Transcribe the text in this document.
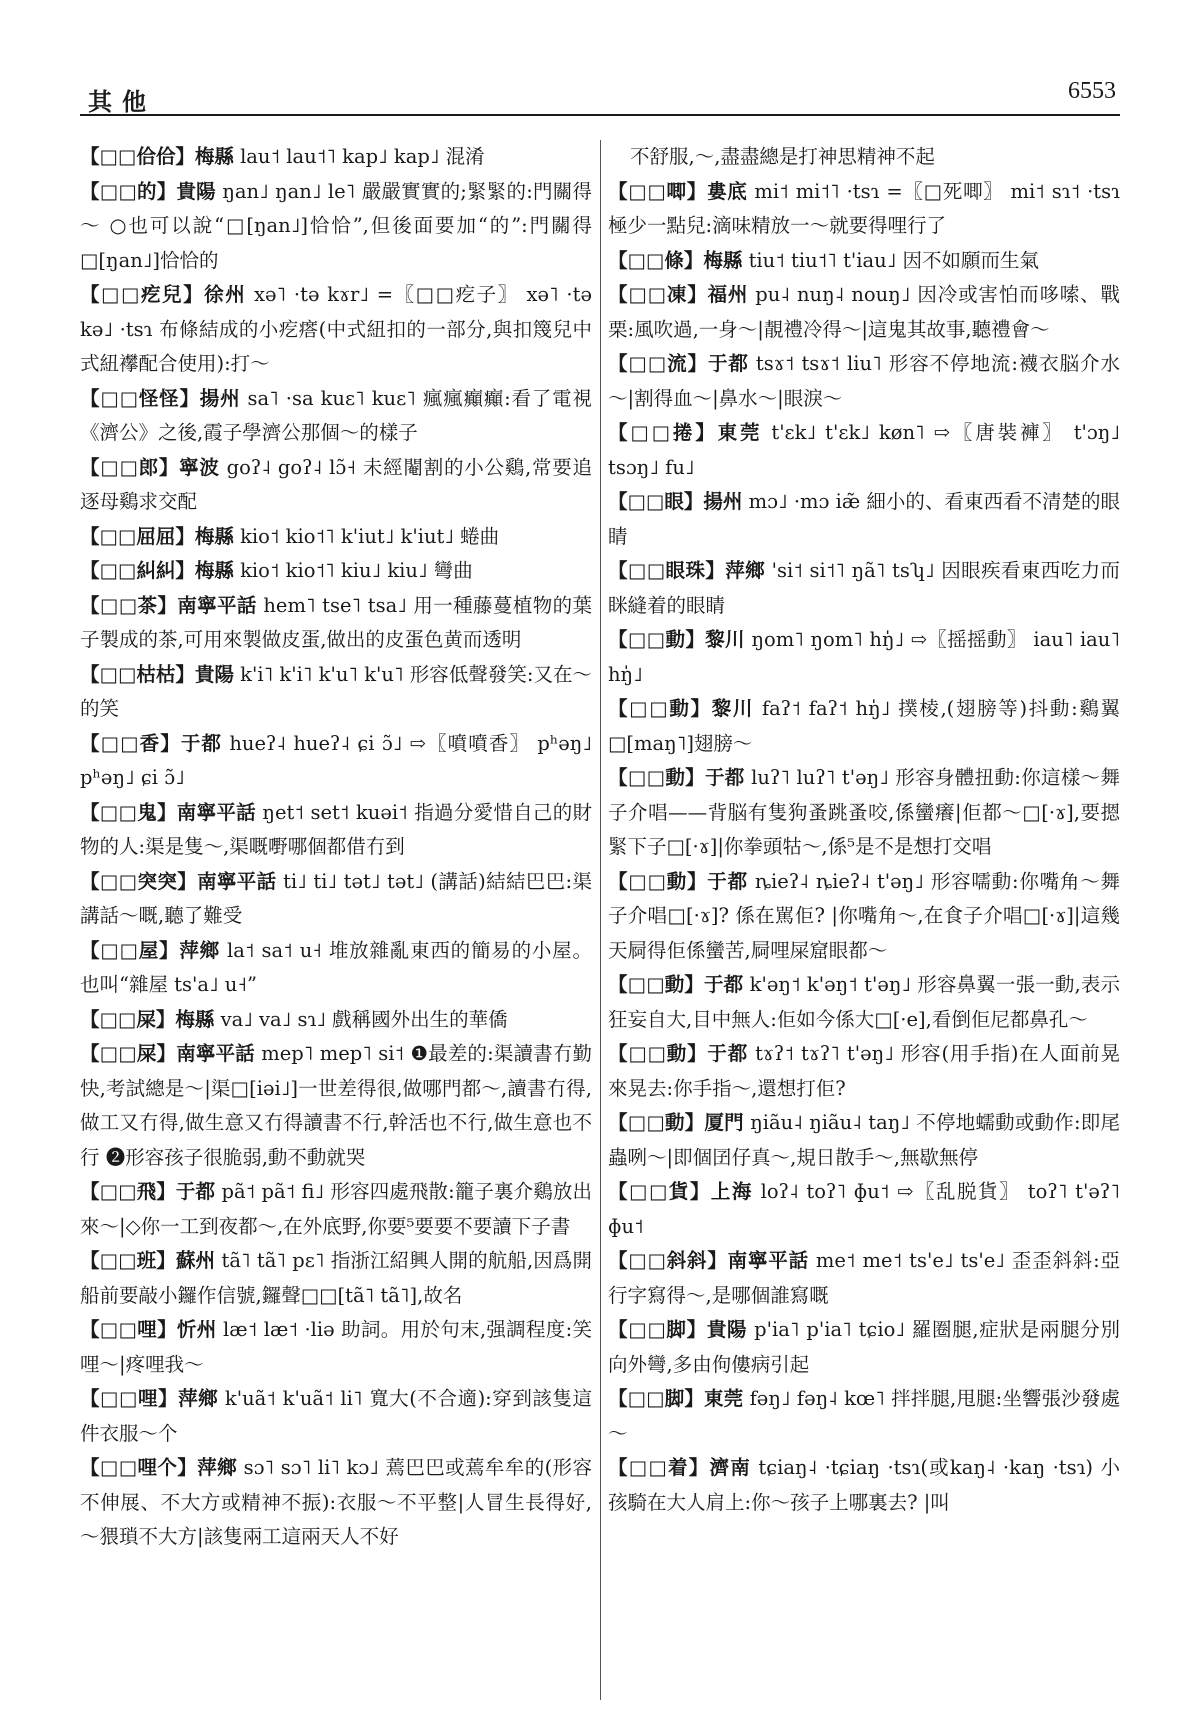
其他	6553
【□□佮佮】梅縣 lau˦ lau˦˥ kap˩ kap˩ 混淆
【□□的】貴陽 ŋan˩ ŋan˩ le˥ 嚴嚴實實的;緊緊的:門關得～ ○也可以說“□[ŋan˩]恰恰”,但後面要加“的”:門關得□[ŋan˩]恰恰的
【□□疙兒】徐州 xə˥ ·tə kɤr˩ =〖□□疙子〗 xə˥ ·tə kə˩ ·tsɿ 布條結成的小疙瘩(中式紐扣的一部分,與扣篾兒中式紐襻配合使用):打～
【□□怪怪】揚州 sa˥ ·sa kuɛ˥ kuɛ˥ 瘋瘋癲癲:看了電視《濟公》之後,霞子學濟公那個～的樣子
【□□郎】寧波 goʔ˨ goʔ˨ lɔ̃˧ 未經閹割的小公鷄,常要追逐母鷄求交配
【□□屈屈】梅縣 kio˦ kio˦˥ k'iut˩ k'iut˩ 蜷曲
【□□糾糾】梅縣 kio˦ kio˦˥ kiu˩ kiu˩ 彎曲
【□□茶】南寧平話 hem˥ tse˥ tsa˩ 用一種藤蔓植物的葉子製成的茶,可用來製做皮蛋,做出的皮蛋色黄而透明
【□□枯枯】貴陽 k'i˥ k'i˥ k'u˥ k'u˥ 形容低聲發笑:又在～的笑
【□□香】于都 hueʔ˨ hueʔ˨ ɕi ɔ̃˩ ⇨〖噴噴香〗 pʰəŋ˩ pʰəŋ˩ ɕi ɔ̃˩
【□□鬼】南寧平話 ŋet˦ set˦ kuəi˦ 指過分愛惜自己的財物的人:渠是隻～,渠嘅嘢哪個都借冇到
【□□突突】南寧平話 ti˩ ti˩ tət˩ tət˩ (講話)結結巴巴:渠講話～嘅,聽了難受
【□□屋】萍鄉 la˦ sa˦ u˧ 堆放雜亂東西的簡易的小屋。也叫“雜屋 ts'a˩ u˧”
【□□屎】梅縣 va˩ va˩ sɿ˩ 戲稱國外出生的華僑
【□□屎】南寧平話 mep˥ mep˥ si˦ ❶最差的:渠讀書冇勤快,考試總是～|渠□[iəi˩]一世差得很,做哪門都～,讀書冇得,做工又冇得,做生意又冇得讀書不行,幹活也不行,做生意也不行 ❷形容孩子很脆弱,動不動就哭
【□□飛】于都 pã˦ pã˦ fi˩ 形容四處飛散:籠子裏介鷄放出來～|◇你一工到夜都～,在外底野,你要⁵要要不要讀下子書
【□□班】蘇州 tã˥ tã˥ pɛ˥ 指浙江紹興人開的航船,因爲開船前要敲小鑼作信號,鑼聲□□[tã˥ tã˥],故名
【□□哩】忻州 læ˦ læ˦ ·liə 助詞。用於句末,强調程度:笑哩～|疼哩我～
【□□哩】萍鄉 k'uã˦ k'uã˦ li˥ 寬大(不合適):穿到該隻這件衣服～个
【□□哩个】萍鄉 sɔ˥ sɔ˥ li˥ kɔ˩ 蔫巴巴或蔫牟牟的(形容不伸展、不大方或精神不振):衣服～不平整|人冒生長得好,～猥瑣不大方|該隻兩工這兩天人不好
不舒服,～,盡盡總是打神思精神不起
【□□唧】婁底 mi˦ mi˦˥ ·tsɿ =〖□死唧〗 mi˦ sɿ˦ ·tsɿ 極少一點兒:滴味精放一～就要得哩行了
【□□條】梅縣 tiu˦ tiu˦˥ t'iau˩ 因不如願而生氣
【□□凍】福州 pu˨ nuŋ˨ nouŋ˩ 因冷或害怕而哆嗦、戰栗:風吹過,一身～|靚禮冷得～|這鬼其故事,聽禮會～
【□□流】于都 tsɤ˦ tsɤ˦ liu˥ 形容不停地流:襪衣脳介水～|割得血～|鼻水～|眼淚～
【□□捲】東莞 t'ɛk˩ t'ɛk˩ køn˥ ⇨〖唐裝褲〗 t'ɔŋ˩ tsɔŋ˩ fu˩
【□□眼】揚州 mɔ˩ ·mɔ iæ̃ 細小的、看東西看不清楚的眼睛
【□□眼珠】萍鄉 'si˦ si˦˥ ŋã˥ tsʮ˩ 因眼疾看東西吃力而眯縫着的眼睛
【□□動】黎川 ŋom˥ ŋom˥ hŋ̍˩ ⇨〖摇摇動〗 iau˥ iau˥ hŋ̍˩
【□□動】黎川 faʔ˦ faʔ˦ hŋ̍˩ 撲棱,(翅膀等)抖動:鷄翼□[maŋ˥]翅膀～
【□□動】于都 luʔ˥ luʔ˥ t'əŋ˩ 形容身體扭動:你這樣～舞子介唱——背脳有隻狗蚤跳蚤咬,係蠻癢|佢都～□[·ɤ],要摁緊下子□[·ɤ]|你拳頭牯～,係⁵是不是想打交唱
【□□動】于都 ȵieʔ˨ ȵieʔ˨ t'əŋ˩ 形容嚅動:你嘴角～舞子介唱□[·ɤ]? 係在駡佢? |你嘴角～,在食子介唱□[·ɤ]|這幾天屙得佢係蠻苦,屙哩屎窟眼都～
【□□動】于都 k'əŋ˦ k'əŋ˦ t'əŋ˩ 形容鼻翼一張一動,表示狂妄自大,目中無人:佢如今係大□[·e],看倒佢尼都鼻孔～
【□□動】于都 tɤʔ˦ tɤʔ˥ t'əŋ˩ 形容(用手指)在人面前晃來晃去:你手指～,還想打佢?
【□□動】厦門 ŋiãu˨ ŋiãu˨ taŋ˩ 不停地蠕動或動作:即尾蟲咧～|即個囝仔真～,規日散手～,無歇無停
【□□貨】上海 loʔ˨ toʔ˥ ɸu˦ ⇨〖乱脱貨〗 toʔ˥ t'əʔ˥ ɸu˦
【□□斜斜】南寧平話 me˦ me˦ ts'e˩ ts'e˩ 歪歪斜斜:亞行字寫得～,是哪個誰寫嘅
【□□脚】貴陽 p'ia˥ p'ia˥ tɕio˩ 羅圈腿,症狀是兩腿分別向外彎,多由佝僂病引起
【□□脚】東莞 fəŋ˩ fəŋ˨ kœ˥ 拌拌腿,甩腿:坐響張沙發處～
【□□着】濟南 tɕiaŋ˨ ·tɕiaŋ ·tsɿ(或kaŋ˨ ·kaŋ ·tsɿ) 小孩騎在大人肩上:你～孩子上哪裏去? |叫
